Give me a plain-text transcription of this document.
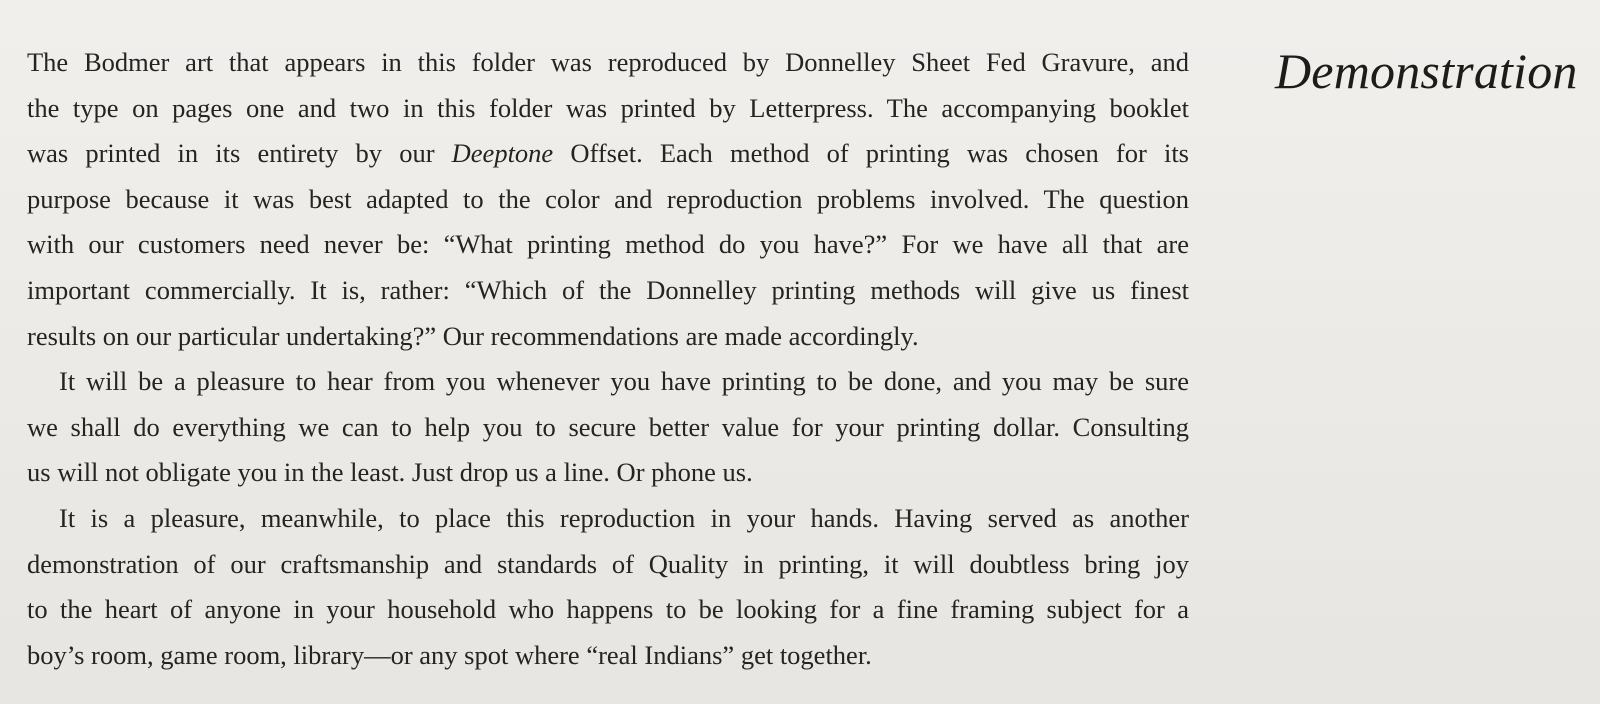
Demonstration
The Bodmer art that appears in this folder was reproduced by Donnelley Sheet Fed Gravure, and
the type on pages one and two in this folder was printed by Letterpress. The accompanying booklet
was printed in its entirety by our Deeptone Offset. Each method of printing was chosen for its
purpose because it was best adapted to the color and reproduction problems involved. The question
with our customers need never be: “What printing method do you have?” For we have all that are
important commercially. It is, rather: “Which of the Donnelley printing methods will give us finest
results on our particular undertaking?” Our recommendations are made accordingly.
It will be a pleasure to hear from you whenever you have printing to be done, and you may be sure
we shall do everything we can to help you to secure better value for your printing dollar. Consulting
us will not obligate you in the least. Just drop us a line. Or phone us.
It is a pleasure, meanwhile, to place this reproduction in your hands. Having served as another
demonstration of our craftsmanship and standards of Quality in printing, it will doubtless bring joy
to the heart of anyone in your household who happens to be looking for a fine framing subject for a
boy’s room, game room, library—or any spot where “real Indians” get together.
